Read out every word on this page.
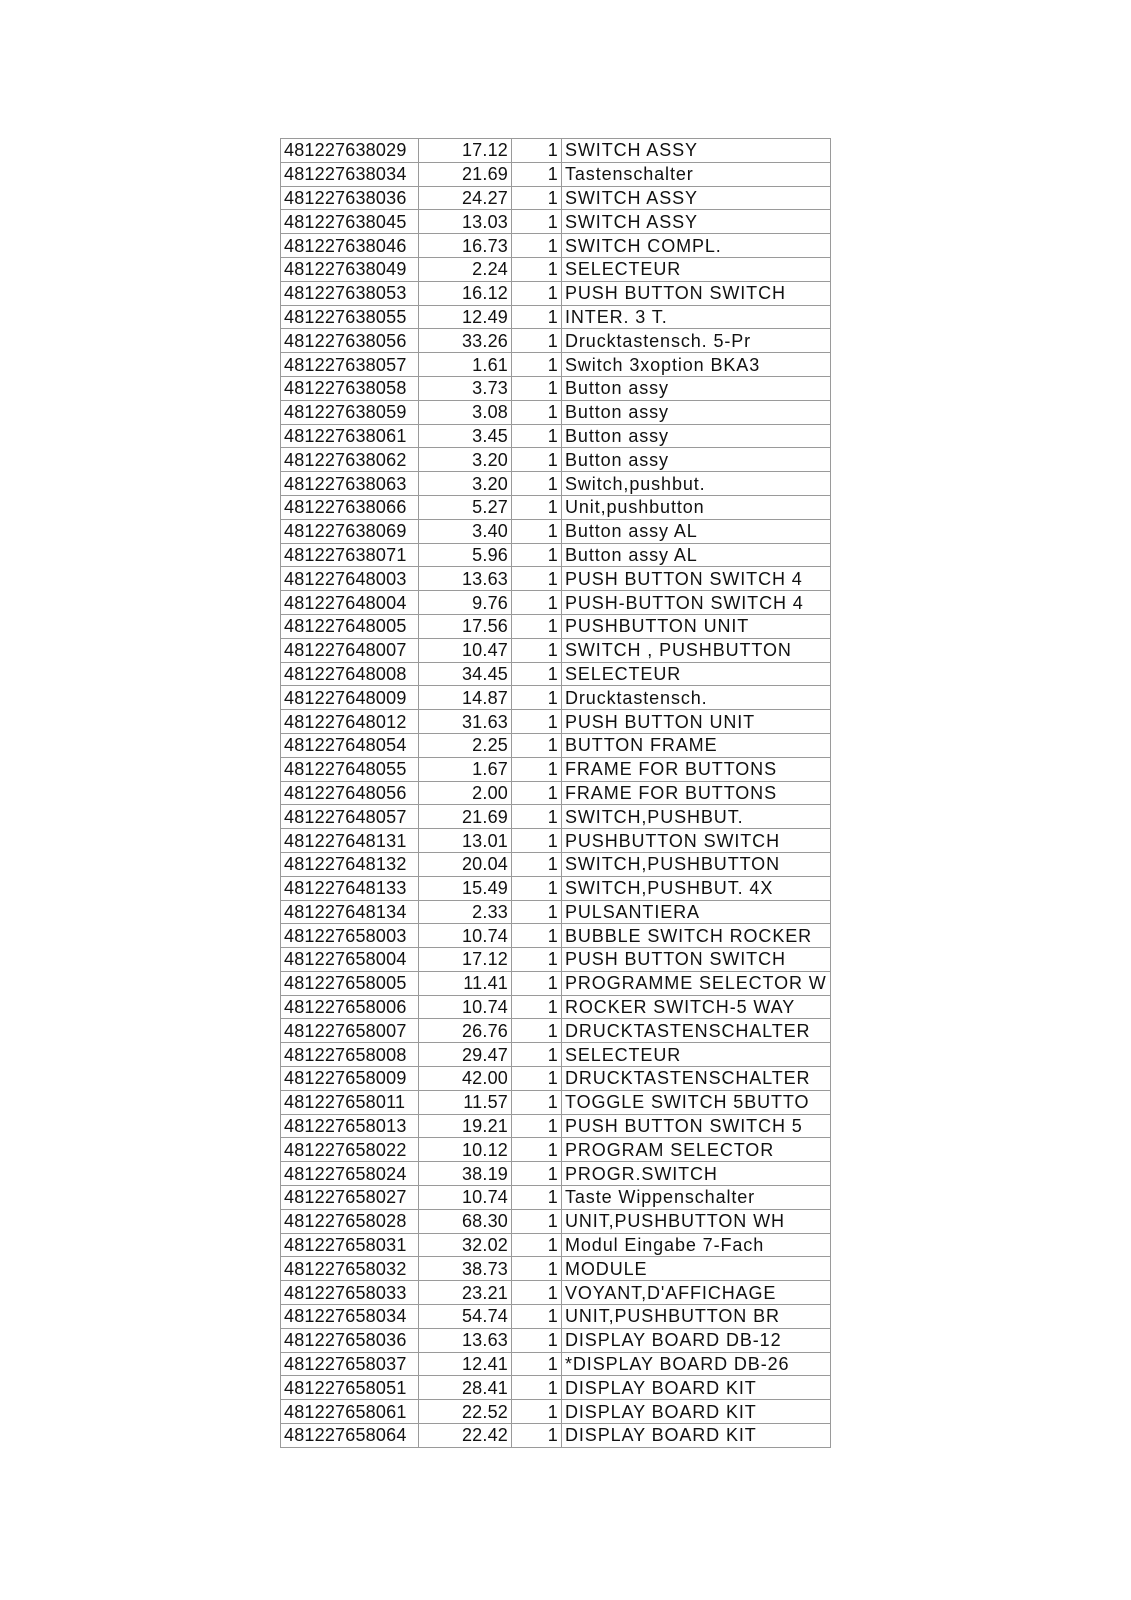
481227638029	17.12	1	SWITCH ASSY
481227638034	21.69	1	Tastenschalter
481227638036	24.27	1	SWITCH ASSY
481227638045	13.03	1	SWITCH ASSY
481227638046	16.73	1	SWITCH COMPL.
481227638049	2.24	1	SELECTEUR
481227638053	16.12	1	PUSH BUTTON SWITCH
481227638055	12.49	1	INTER. 3 T.
481227638056	33.26	1	Drucktastensch. 5-Pr
481227638057	1.61	1	Switch 3xoption BKA3
481227638058	3.73	1	Button assy
481227638059	3.08	1	Button assy
481227638061	3.45	1	Button assy
481227638062	3.20	1	Button assy
481227638063	3.20	1	Switch,pushbut.
481227638066	5.27	1	Unit,pushbutton
481227638069	3.40	1	Button assy AL
481227638071	5.96	1	Button assy AL
481227648003	13.63	1	PUSH BUTTON SWITCH 4
481227648004	9.76	1	PUSH-BUTTON SWITCH 4
481227648005	17.56	1	PUSHBUTTON UNIT
481227648007	10.47	1	SWITCH , PUSHBUTTON
481227648008	34.45	1	SELECTEUR
481227648009	14.87	1	Drucktastensch.
481227648012	31.63	1	PUSH BUTTON UNIT
481227648054	2.25	1	BUTTON FRAME
481227648055	1.67	1	FRAME FOR BUTTONS
481227648056	2.00	1	FRAME FOR BUTTONS
481227648057	21.69	1	SWITCH,PUSHBUT.
481227648131	13.01	1	PUSHBUTTON SWITCH
481227648132	20.04	1	SWITCH,PUSHBUTTON
481227648133	15.49	1	SWITCH,PUSHBUT. 4X
481227648134	2.33	1	PULSANTIERA
481227658003	10.74	1	BUBBLE SWITCH ROCKER
481227658004	17.12	1	PUSH BUTTON SWITCH
481227658005	11.41	1	PROGRAMME SELECTOR W
481227658006	10.74	1	ROCKER SWITCH-5 WAY
481227658007	26.76	1	DRUCKTASTENSCHALTER
481227658008	29.47	1	SELECTEUR
481227658009	42.00	1	DRUCKTASTENSCHALTER
481227658011	11.57	1	TOGGLE SWITCH 5BUTTO
481227658013	19.21	1	PUSH BUTTON SWITCH 5
481227658022	10.12	1	PROGRAM SELECTOR
481227658024	38.19	1	PROGR.SWITCH
481227658027	10.74	1	Taste Wippenschalter
481227658028	68.30	1	UNIT,PUSHBUTTON WH
481227658031	32.02	1	Modul Eingabe 7-Fach
481227658032	38.73	1	MODULE
481227658033	23.21	1	VOYANT,D'AFFICHAGE
481227658034	54.74	1	UNIT,PUSHBUTTON BR
481227658036	13.63	1	DISPLAY BOARD DB-12
481227658037	12.41	1	*DISPLAY BOARD DB-26
481227658051	28.41	1	DISPLAY BOARD KIT
481227658061	22.52	1	DISPLAY BOARD KIT
481227658064	22.42	1	DISPLAY BOARD KIT
